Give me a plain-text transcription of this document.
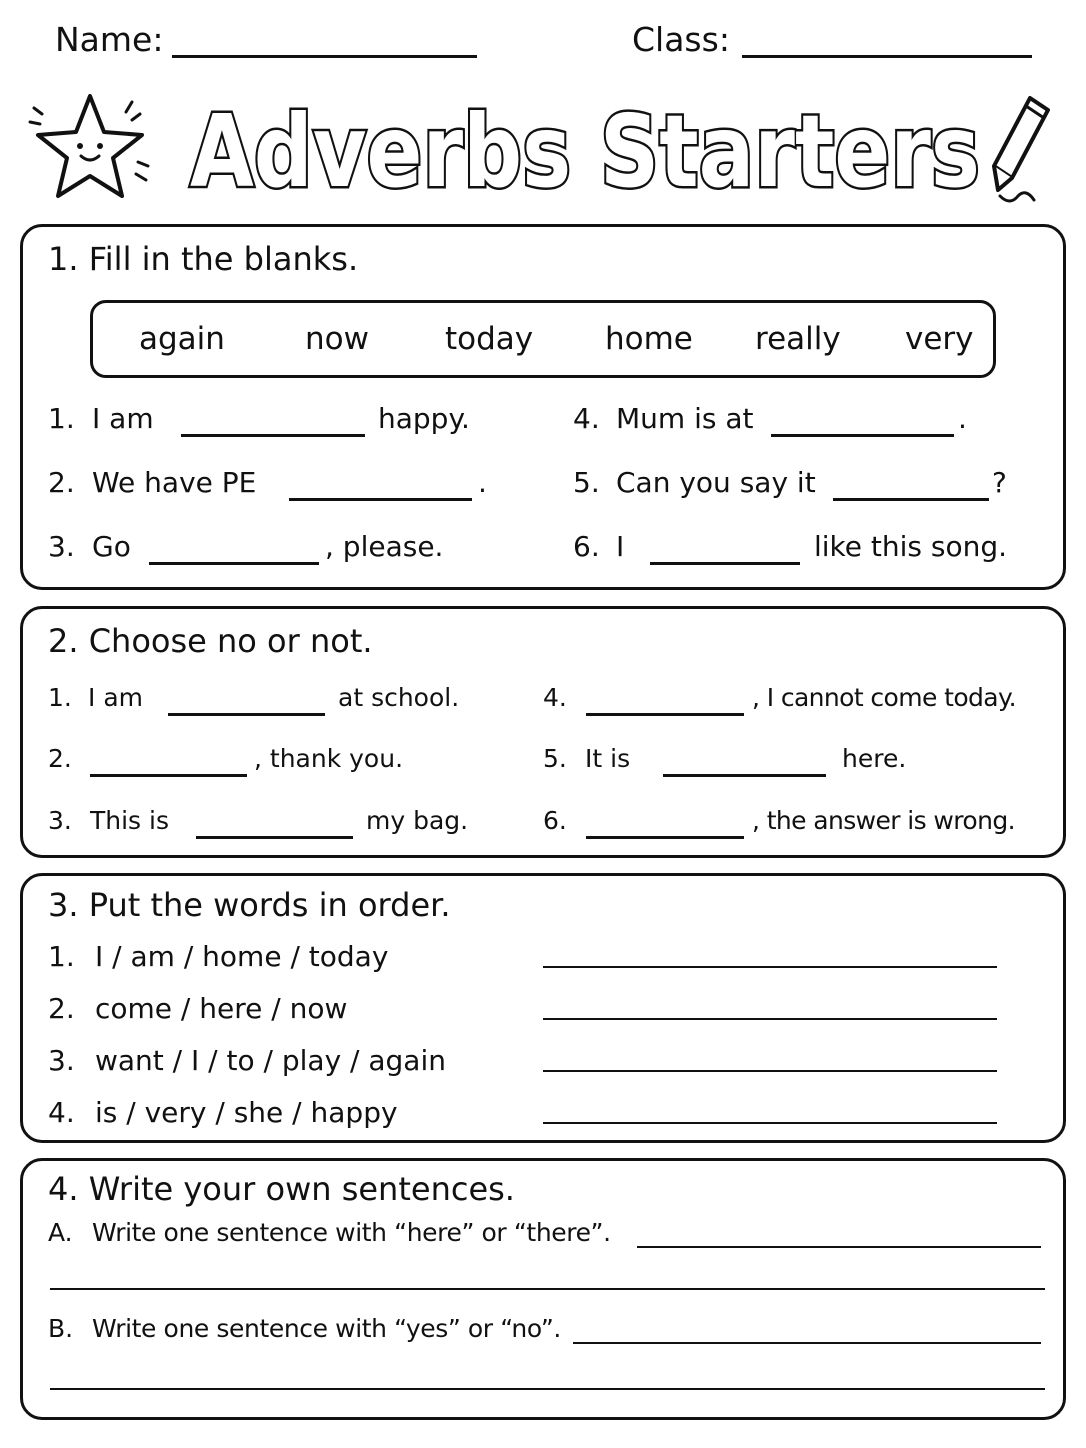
Name:	Class:
Adverbs Starters
1. Fill in the blanks.
again	now today home really very
1. I am	happy.
2. We have PE	.
3. Go	, please.
4. Mum is at	.
5. Can you say it	?
6. I	like this song.
2. Choose no or not.
1. I am	at school.
2.	, thank you.
3. This is	my bag.
4.	, I cannot come today.
5. It is	here.
6.	, the answer is wrong.
3. Put the words in order.
1. I / am / home / today
2. come / here / now
3. want / I / to / play / again
4. is / very / she / happy
4. Write your own sentences.
A. Write one sentence with “here” or “there”.
B. Write one sentence with “yes” or “no”.
